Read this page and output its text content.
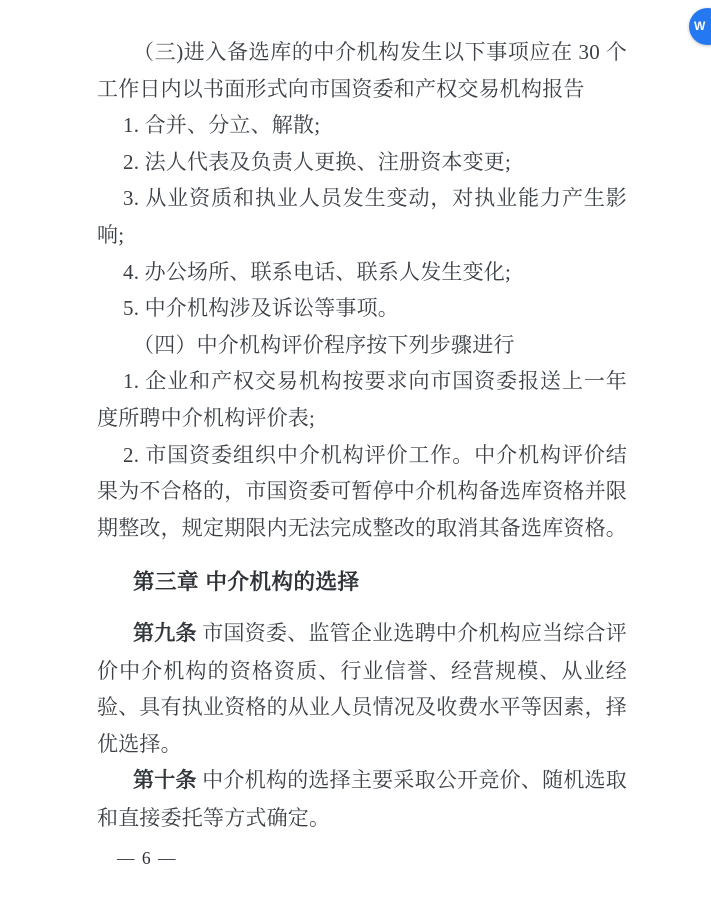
W

（三)进入备选库的中介机构发生以下事项应在 30 个工作日内以书面形式向市国资委和产权交易机构报告

1. 合并、分立、解散;

2. 法人代表及负责人更换、注册资本变更;

3. 从业资质和执业人员发生变动，对执业能力产生影响;

4. 办公场所、联系电话、联系人发生变化;

5. 中介机构涉及诉讼等事项。

（四）中介机构评价程序按下列步骤进行

1. 企业和产权交易机构按要求向市国资委报送上一年度所聘中介机构评价表;

2. 市国资委组织中介机构评价工作。中介机构评价结果为不合格的，市国资委可暂停中介机构备选库资格并限期整改，规定期限内无法完成整改的取消其备选库资格。

第三章 中介机构的选择

第九条 市国资委、监管企业选聘中介机构应当综合评价中介机构的资格资质、行业信誉、经营规模、从业经验、具有执业资格的从业人员情况及收费水平等因素，择优选择。

第十条 中介机构的选择主要采取公开竞价、随机选取和直接委托等方式确定。

— 6 —
